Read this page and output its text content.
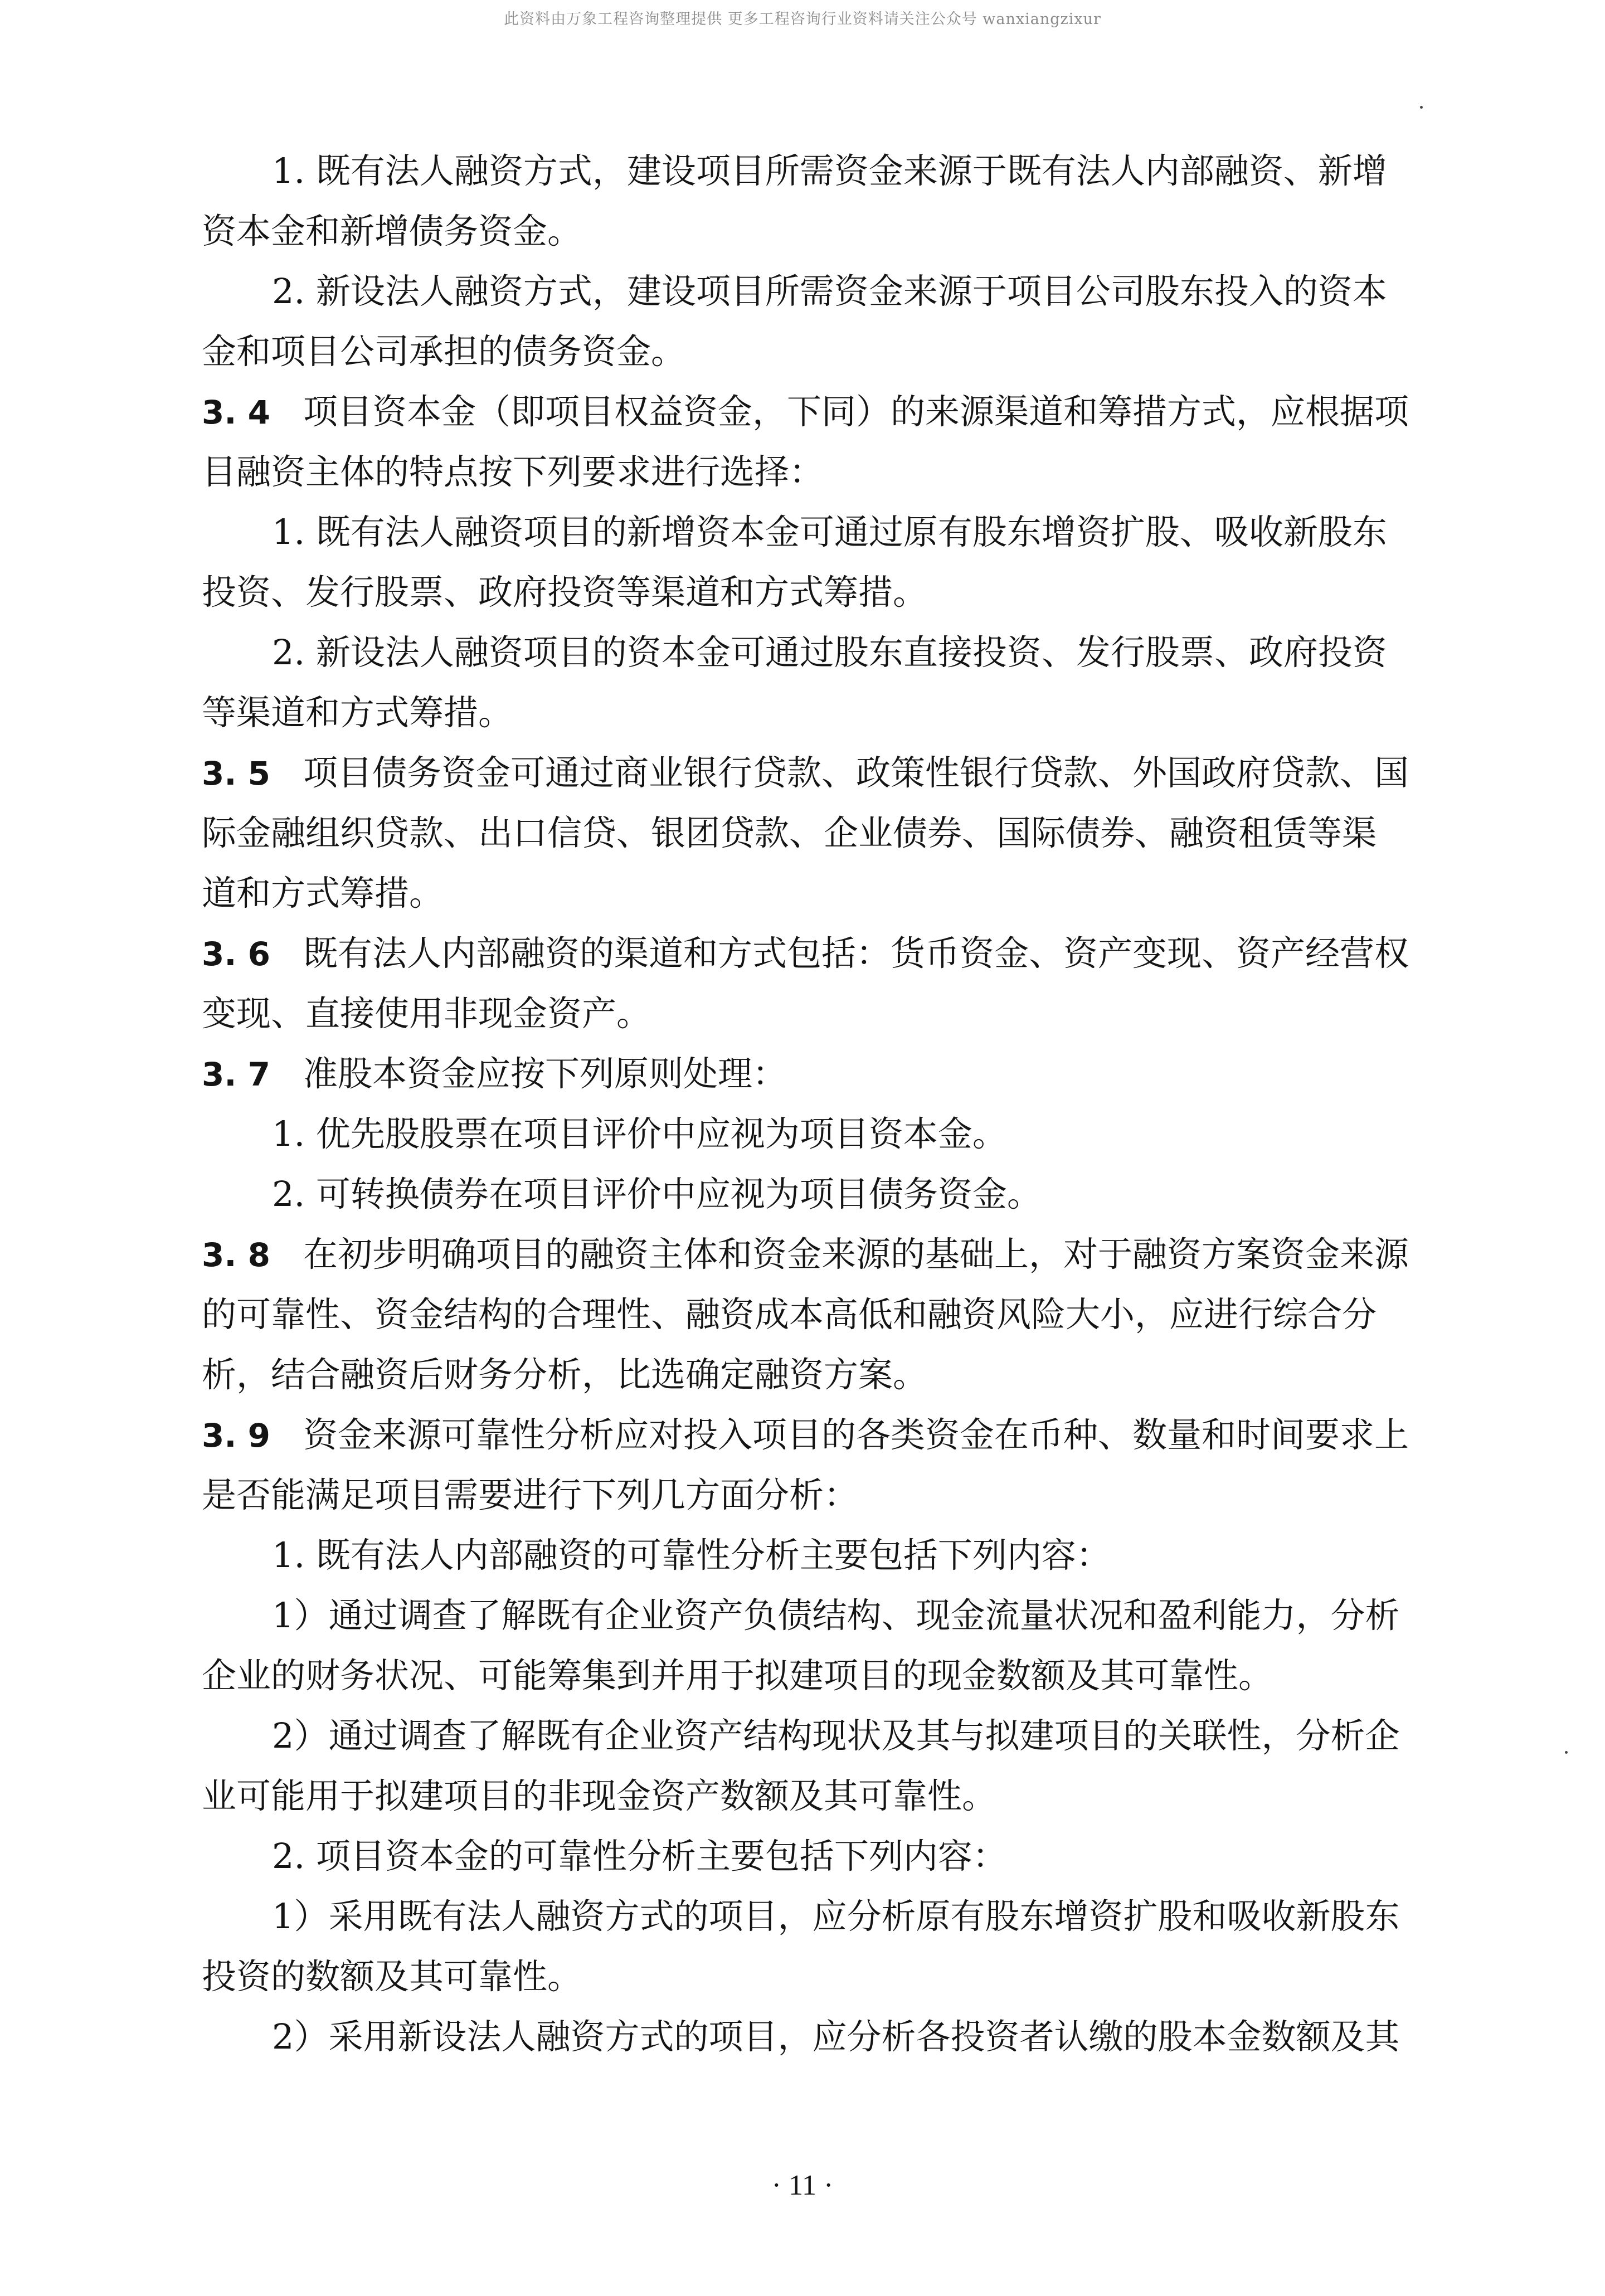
此资料由万象工程咨询整理提供 更多工程咨询行业资料请关注公众号 wanxiangzixur
1. 既有法人融资方式，建设项目所需资金来源于既有法人内部融资、新增
资本金和新增债务资金。
2. 新设法人融资方式，建设项目所需资金来源于项目公司股东投入的资本
金和项目公司承担的债务资金。
3. 4 项目资本金（即项目权益资金，下同）的来源渠道和筹措方式，应根据项
目融资主体的特点按下列要求进行选择：
1. 既有法人融资项目的新增资本金可通过原有股东增资扩股、吸收新股东
投资、发行股票、政府投资等渠道和方式筹措。
2. 新设法人融资项目的资本金可通过股东直接投资、发行股票、政府投资
等渠道和方式筹措。
3. 5 项目债务资金可通过商业银行贷款、政策性银行贷款、外国政府贷款、国
际金融组织贷款、出口信贷、银团贷款、企业债券、国际债券、融资租赁等渠
道和方式筹措。
3. 6 既有法人内部融资的渠道和方式包括：货币资金、资产变现、资产经营权
变现、直接使用非现金资产。
3. 7 准股本资金应按下列原则处理：
1. 优先股股票在项目评价中应视为项目资本金。
2. 可转换债券在项目评价中应视为项目债务资金。
3. 8 在初步明确项目的融资主体和资金来源的基础上，对于融资方案资金来源
的可靠性、资金结构的合理性、融资成本高低和融资风险大小，应进行综合分
析，结合融资后财务分析，比选确定融资方案。
3. 9 资金来源可靠性分析应对投入项目的各类资金在币种、数量和时间要求上
是否能满足项目需要进行下列几方面分析：
1. 既有法人内部融资的可靠性分析主要包括下列内容：
1）通过调查了解既有企业资产负债结构、现金流量状况和盈利能力，分析
企业的财务状况、可能筹集到并用于拟建项目的现金数额及其可靠性。
2）通过调查了解既有企业资产结构现状及其与拟建项目的关联性，分析企
业可能用于拟建项目的非现金资产数额及其可靠性。
2. 项目资本金的可靠性分析主要包括下列内容：
1）采用既有法人融资方式的项目，应分析原有股东增资扩股和吸收新股东
投资的数额及其可靠性。
2）采用新设法人融资方式的项目，应分析各投资者认缴的股本金数额及其
· 11 ·
